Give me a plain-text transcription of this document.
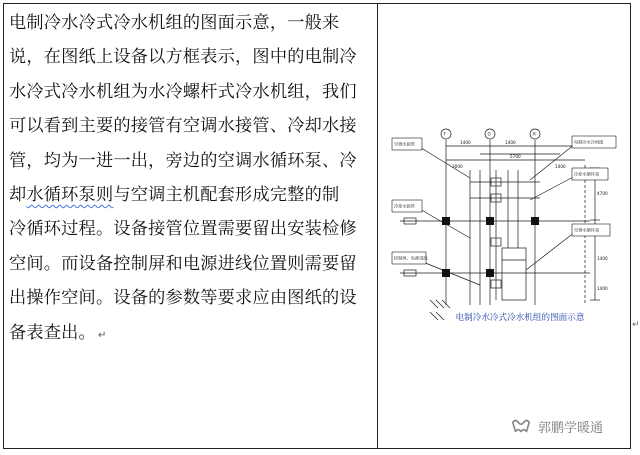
电制冷水冷式冷水机组的图面示意，一般来
说，在图纸上设备以方框表示，图中的电制冷
水冷式冷水机组为水冷螺杆式冷水机组，我们
可以看到主要的接管有空调水接管、冷却水接
管，均为一进一出，旁边的空调水循环泵、冷
却水循环泵则与空调主机配套形成完整的制
冷循环过程。设备接管位置需要留出安装检修
空间。而设备控制屏和电源进线位置则需要留
出操作空间。设备的参数等要求应由图纸的设
备表查出。 ↵
F	G	H
1400	1400
5700
3000	1400
4700
1400
1400
空调水接管	电制冷水冷机组
冷却水接管
控制屏、电源进线
冷却水循环泵
空调水循环泵
电制冷水冷式冷水机组的图面示意
↵
郭鹏学暖通
